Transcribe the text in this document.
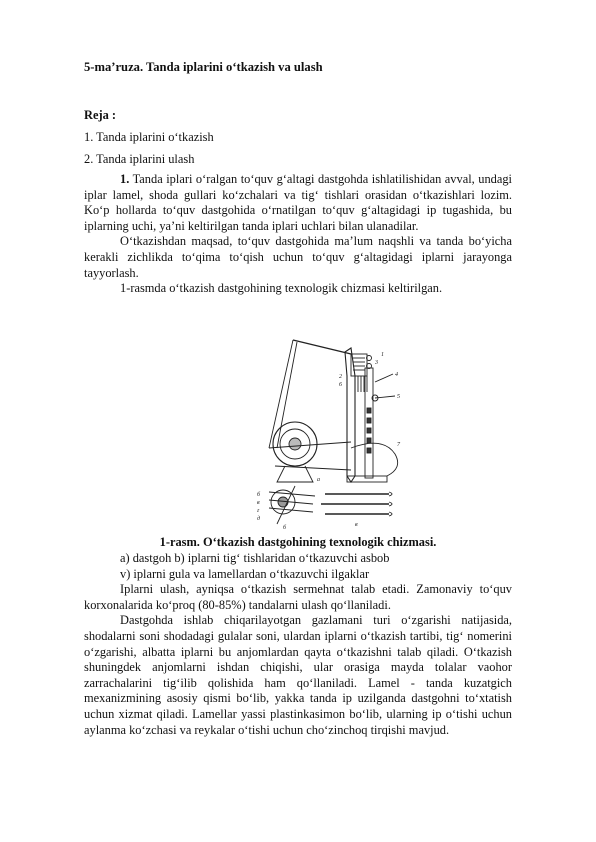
5-ma’ruza. Tanda iplarini o‘tkazish va ulash
Reja :
1. Tanda iplarini o‘tkazish
2. Tanda iplarini ulash

1. Tanda iplari o‘ralgan to‘quv g‘altagi dastgohda ishlatilishidan avval, undagi iplar lamel, shoda gullari ko‘zchalari va tig‘ tishlari orasidan o‘tkazishlari lozim. Ko‘p hollarda to‘quv dastgohida o‘rnatilgan to‘quv g‘altagidagi ip tugashida, bu iplarning uchi, ya’ni keltirilgan tanda iplari uchlari bilan ulanadilar.

O‘tkazishdan maqsad, to‘quv dastgohida ma’lum naqshli va tanda bo‘yicha kerakli zichlikda to‘qima to‘qish uchun to‘quv g‘altagidagi iplarni jarayonga tayyorlash.

1-rasmda o‘tkazish dastgohining texnologik chizmasi keltirilgan.

1
2
3
4
5
6
7
а
б
в
г
д
б	в
1-rasm. O‘tkazish dastgohining texnologik chizmasi.

a) dastgoh b) iplarni tig‘ tishlaridan o‘tkazuvchi asbob

v) iplarni gula va lamellardan o‘tkazuvchi ilgaklar

Iplarni ulash, ayniqsa o‘tkazish sermehnat talab etadi. Zamonaviy to‘quv korxonalarida ko‘proq (80-85%) tandalarni ulash qo‘llaniladi.

Dastgohda ishlab chiqarilayotgan gazlamani turi o‘zgarishi natijasida, shodalarni soni shodadagi gulalar soni, ulardan iplarni o‘tkazish tartibi, tig‘ nomerini o‘zgarishi, albatta iplarni bu anjomlardan qayta o‘tkazishni talab qiladi. O‘tkazish shuningdek anjomlarni ishdan chiqishi, ular orasiga mayda tolalar vaohor zarrachalarini tig‘ilib qolishida ham qo‘llaniladi. Lamel - tanda kuzatgich mexanizmining asosiy qismi bo‘lib, yakka tanda ip uzilganda dastgohni to‘xtatish uchun xizmat qiladi. Lamellar yassi plastinkasimon bo‘lib, ularning ip o‘tishi uchun aylanma ko‘zchasi va reykalar o‘tishi uchun cho‘zinchoq tirqishi mavjud.
